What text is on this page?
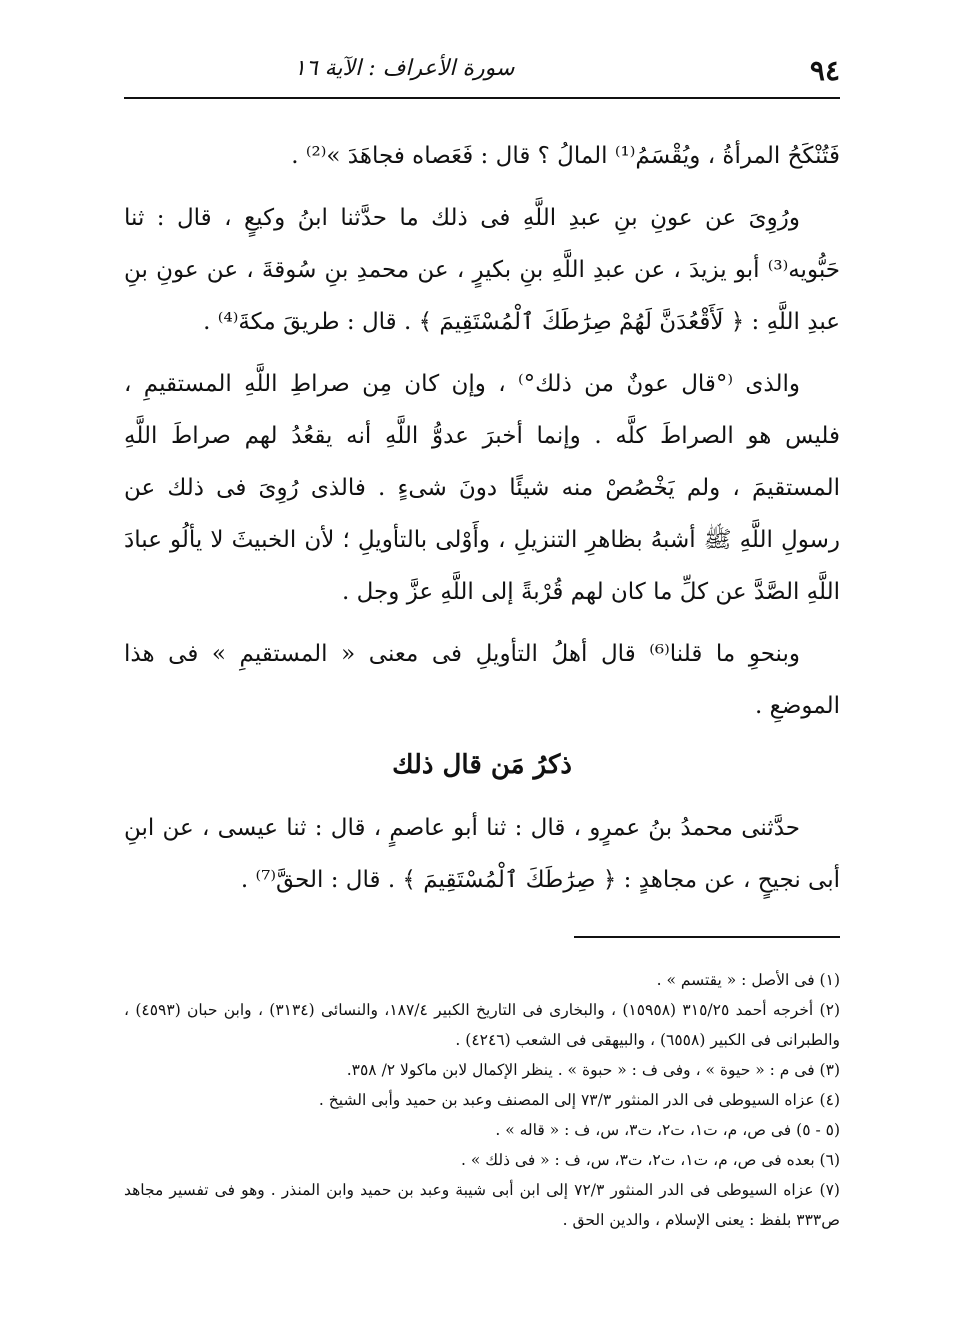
٩٤
سورة الأعراف : الآية ١٦

فَتُنْكَحُ المرأةُ ، ويُقْسَمُ⁽¹⁾ المالُ ؟ قال : فَعَصاه فجاهَدَ »⁽²⁾ .

ورُوِىَ عن عونِ بنِ عبدِ اللَّهِ فى ذلك ما حدَّثنا ابنُ وكيعٍ ، قال : ثنا حَبُّويه⁽³⁾ أبو يزيدَ ، عن عبدِ اللَّهِ بنِ بكيرٍ ، عن محمدِ بنِ سُوقةَ ، عن عونِ بنِ عبدِ اللَّهِ : ﴿ لَأَقْعُدَنَّ لَهُمْ صِرَٰطَكَ ٱلْمُسْتَقِيمَ ﴾ . قال : طريقَ مكةَ⁽⁴⁾ .

والذى ⁽°قال عونٌ من ذلك°⁾ ، وإن كان مِن صراطِ اللَّهِ المستقيمِ ، فليس هو الصراطَ كلَّه . وإنما أخبرَ عدوُّ اللَّهِ أنه يقعُدُ لهم صراطَ اللَّهِ المستقيمَ ، ولم يَخْصُصْ منه شيئًا دونَ شىءٍ . فالذى رُوِىَ فى ذلك عن رسولِ اللَّهِ ﷺ أشبهُ بظاهرِ التنزيلِ ، وأَوْلى بالتأويلِ ؛ لأن الخبيثَ لا يألُو عبادَ اللَّهِ الصَّدَّ عن كلِّ ما كان لهم قُرْبةً إلى اللَّهِ عزَّ وجل .

وبنحوِ ما قلنا⁽⁶⁾ قال أهلُ التأويلِ فى معنى « المستقيمِ » فى هذا الموضعِ .

ذكرُ مَن قال ذلك

حدَّثنى محمدُ بنُ عمرٍو ، قال : ثنا أبو عاصمٍ ، قال : ثنا عيسى ، عن ابنِ أبى نجيحٍ ، عن مجاهدٍ : ﴿ صِرَٰطَكَ ٱلْمُسْتَقِيمَ ﴾ . قال : الحقَّ⁽⁷⁾ .

(١) فى الأصل : « يقتسم » .

(٢) أخرجه أحمد ٣١٥/٢٥ (١٥٩٥٨) ، والبخارى فى التاريخ الكبير ١٨٧/٤، والنسائى (٣١٣٤) ، وابن حبان (٤٥٩٣) ، والطبرانى فى الكبير (٦٥٥٨) ، والبيهقى فى الشعب (٤٢٤٦) .

(٣) فى م : « حيوة » ، وفى ف : « حبوة » . ينظر الإكمال لابن ماكولا ٢/ ٣٥٨.

(٤) عزاه السيوطى فى الدر المنثور ٧٣/٣ إلى المصنف وعبد بن حميد وأبى الشيخ .

(٥ - ٥) فى ص، م، ت١، ت٢، ت٣، س، ف : « قاله » .

(٦) بعده فى ص، م، ت١، ت٢، ت٣، س، ف : « فى ذلك » .

(٧) عزاه السيوطى فى الدر المنثور ٧٢/٣ إلى ابن أبى شيبة وعبد بن حميد وابن المنذر . وهو فى تفسير مجاهد ص٣٣٣ بلفظ : يعنى الإسلام ، والدين الحق .
